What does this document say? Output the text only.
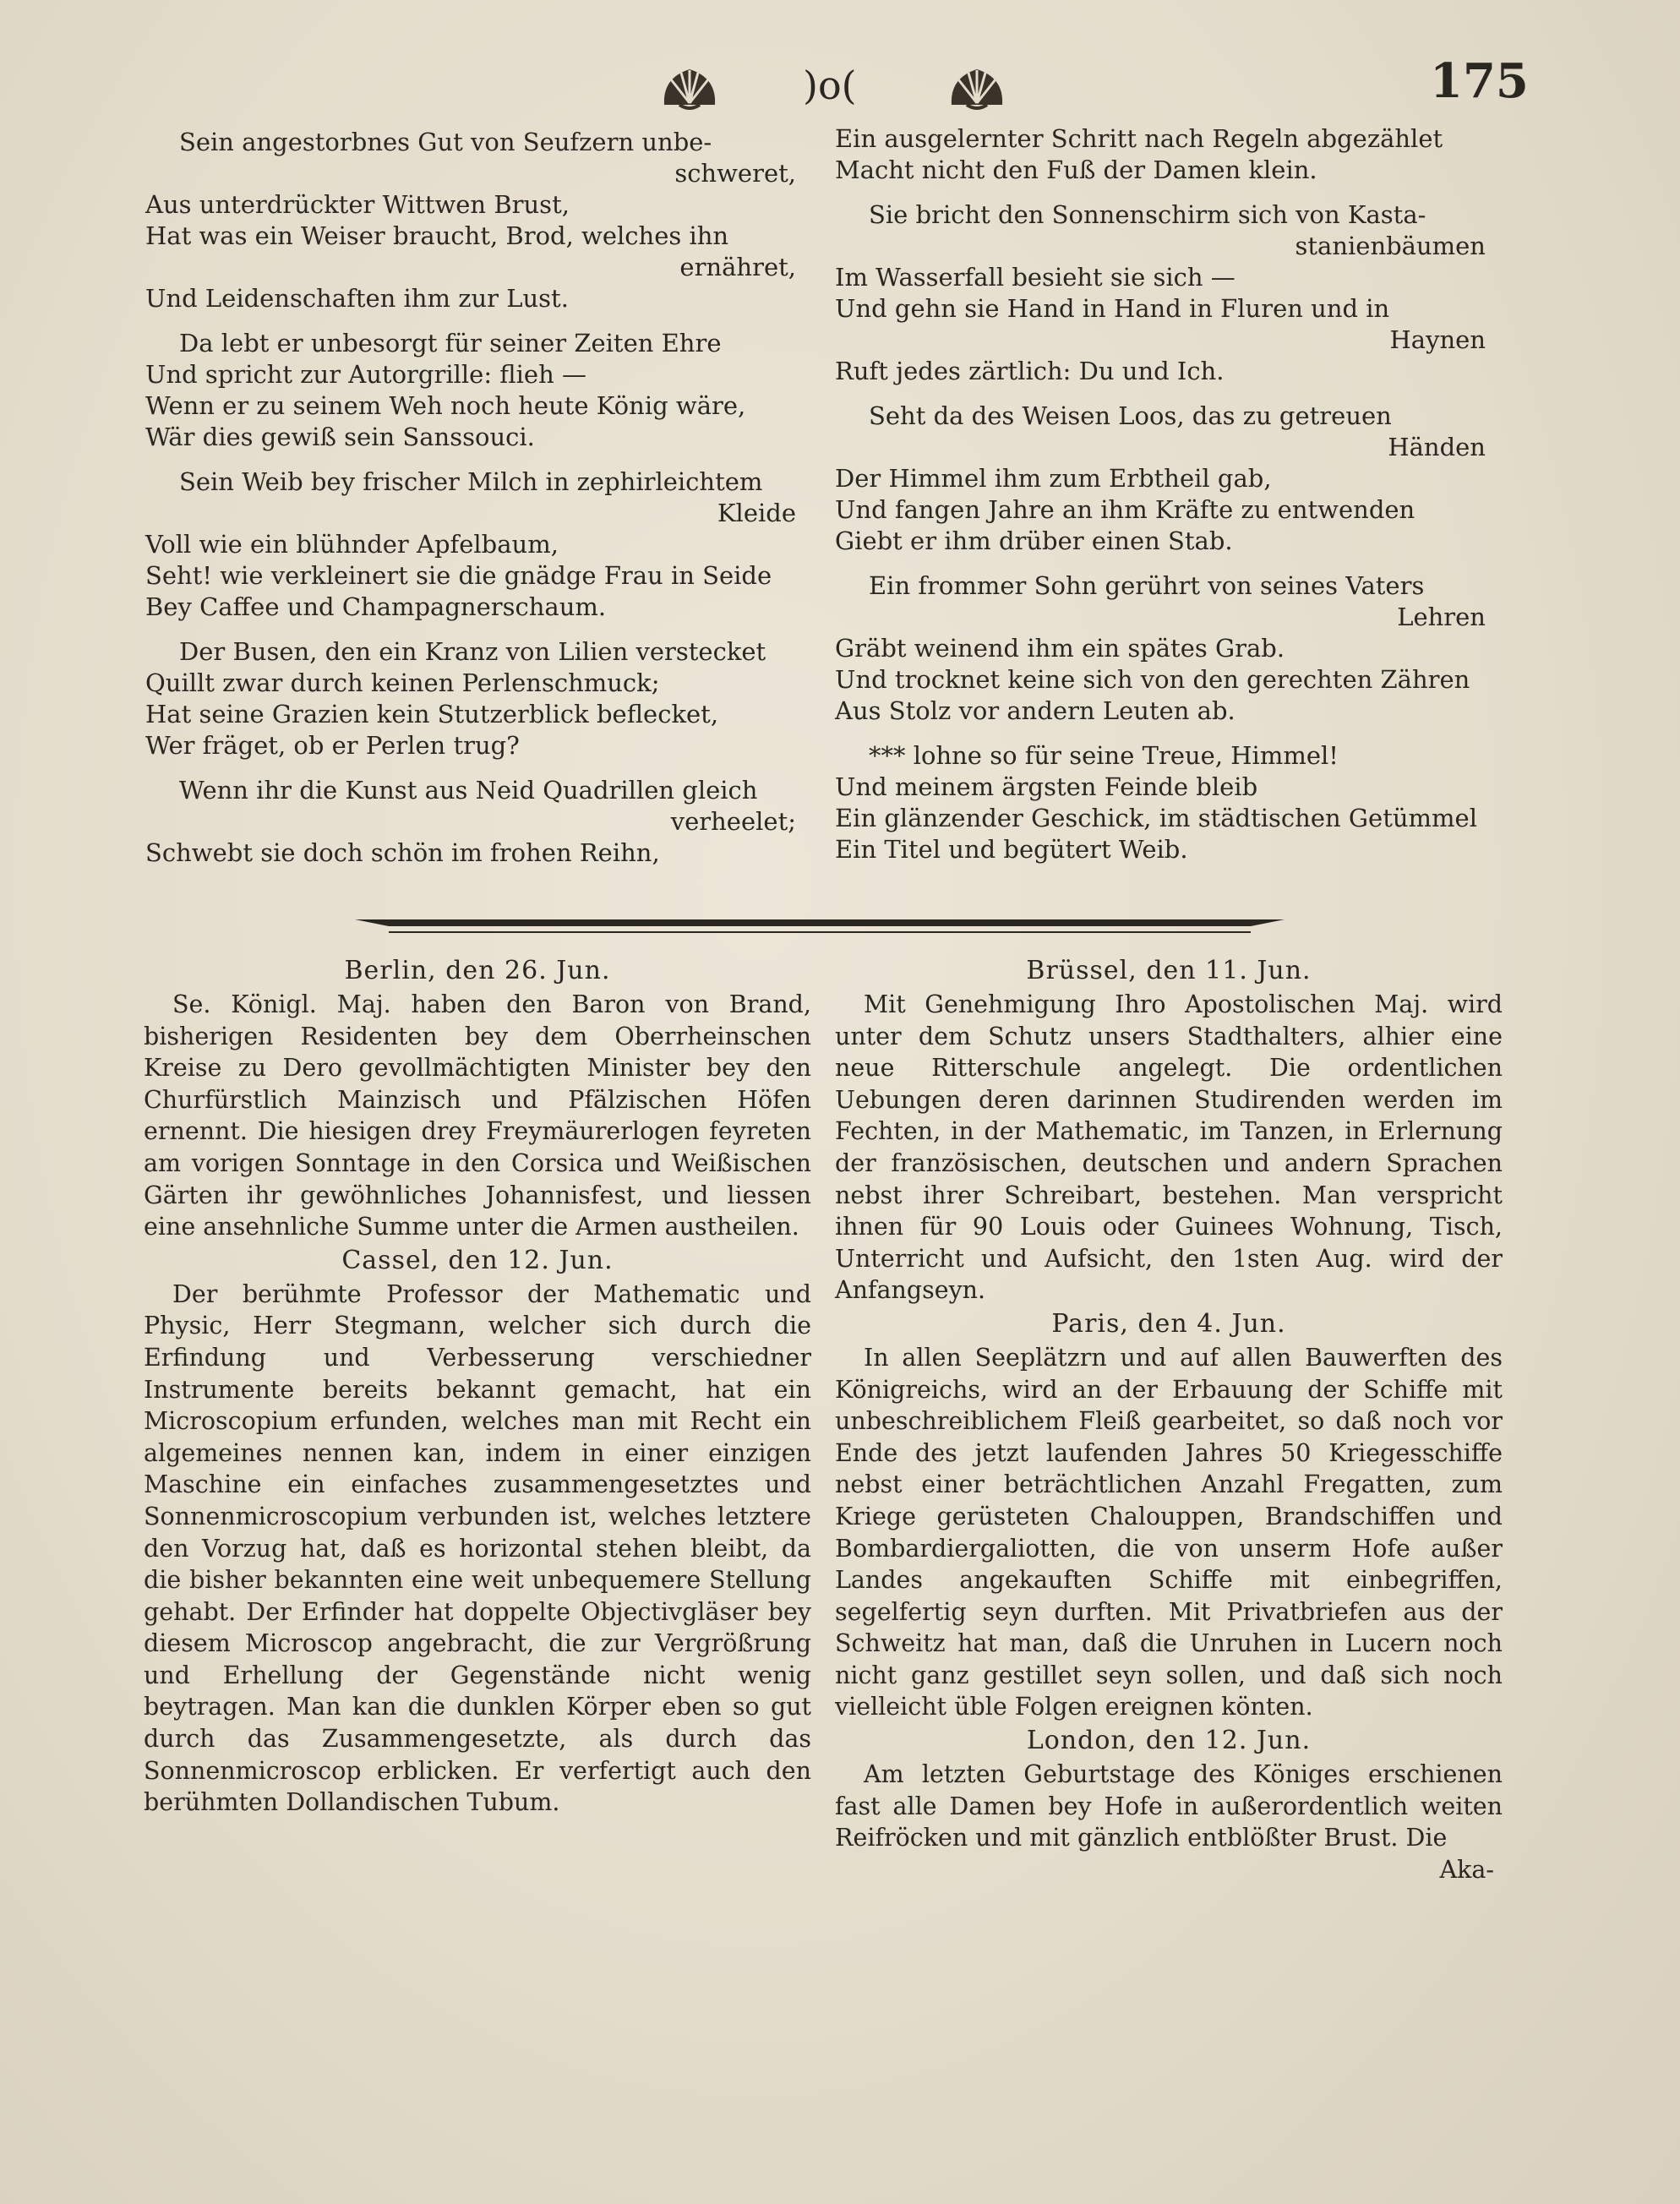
)o(	175
Sein angestorbnes Gut von Seufzern unbe-
schweret,
Aus unterdrückter Wittwen Brust,
Hat was ein Weiser braucht, Brod, welches ihn
ernähret,
Und Leidenschaften ihm zur Lust.
Da lebt er unbesorgt für seiner Zeiten Ehre
Und spricht zur Autorgrille: flieh —
Wenn er zu seinem Weh noch heute König wäre,
Wär dies gewiß sein Sanssouci.
Sein Weib bey frischer Milch in zephirleichtem
Kleide
Voll wie ein blühnder Apfelbaum,
Seht! wie verkleinert sie die gnädge Frau in Seide
Bey Caffee und Champagnerschaum.
Der Busen, den ein Kranz von Lilien verstecket
Quillt zwar durch keinen Perlenschmuck;
Hat seine Grazien kein Stutzerblick beflecket,
Wer fräget, ob er Perlen trug?
Wenn ihr die Kunst aus Neid Quadrillen gleich
verheelet;
Schwebt sie doch schön im frohen Reihn,
Ein ausgelernter Schritt nach Regeln abgezählet
Macht nicht den Fuß der Damen klein.
Sie bricht den Sonnenschirm sich von Kasta-
stanienbäumen
Im Wasserfall besieht sie sich —
Und gehn sie Hand in Hand in Fluren und in
Haynen
Ruft jedes zärtlich: Du und Ich.
Seht da des Weisen Loos, das zu getreuen
Händen
Der Himmel ihm zum Erbtheil gab,
Und fangen Jahre an ihm Kräfte zu entwenden
Giebt er ihm drüber einen Stab.
Ein frommer Sohn gerührt von seines Vaters
Lehren
Gräbt weinend ihm ein spätes Grab.
Und trocknet keine sich von den gerechten Zähren
Aus Stolz vor andern Leuten ab.
*** lohne so für seine Treue, Himmel!
Und meinem ärgsten Feinde bleib
Ein glänzender Geschick, im städtischen Getümmel
Ein Titel und begütert Weib.
Berlin, den 26. Jun.

Se. Königl. Maj. haben den Baron von Brand, bisherigen Residenten bey dem Oberrheinschen Kreise zu Dero gevollmächtigten Minister bey den Churfürstlich Mainzisch und Pfälzischen Höfen ernennt. Die hiesigen drey Freymäurerlogen feyreten am vorigen Sonntage in den Corsica und Weißischen Gärten ihr gewöhnliches Johannisfest, und liessen eine ansehnliche Summe unter die Armen austheilen.

Cassel, den 12. Jun.

Der berühmte Professor der Mathematic und Physic, Herr Stegmann, welcher sich durch die Erfindung und Verbesserung verschiedner Instrumente bereits bekannt gemacht, hat ein Microscopium erfunden, welches man mit Recht ein algemeines nennen kan, indem in einer einzigen Maschine ein einfaches zusammengesetztes und Sonnenmicroscopium verbunden ist, welches letztere den Vorzug hat, daß es horizontal stehen bleibt, da die bisher bekannten eine weit unbequemere Stellung gehabt. Der Erfinder hat doppelte Objectivgläser bey diesem Microscop angebracht, die zur Vergrößrung und Erhellung der Gegenstände nicht wenig beytragen. Man kan die dunklen Körper eben so gut durch das Zusammengesetzte, als durch das Sonnenmicroscop erblicken. Er verfertigt auch den berühmten Dollandischen Tubum.

Brüssel, den 11. Jun.

Mit Genehmigung Ihro Apostolischen Maj. wird unter dem Schutz unsers Stadthalters, alhier eine neue Ritterschule angelegt. Die ordentlichen Uebungen deren darinnen Studirenden werden im Fechten, in der Mathematic, im Tanzen, in Erlernung der französischen, deutschen und andern Sprachen nebst ihrer Schreibart, bestehen. Man verspricht ihnen für 90 Louis oder Guinees Wohnung, Tisch, Unterricht und Aufsicht, den 1sten Aug. wird der Anfangseyn.

Paris, den 4. Jun.

In allen Seeplätzrn und auf allen Bauwerften des Königreichs, wird an der Erbauung der Schiffe mit unbeschreiblichem Fleiß gearbeitet, so daß noch vor Ende des jetzt laufenden Jahres 50 Kriegesschiffe nebst einer beträchtlichen Anzahl Fregatten, zum Kriege gerüsteten Chalouppen, Brandschiffen und Bombardiergaliotten, die von unserm Hofe außer Landes angekauften Schiffe mit einbegriffen, segelfertig seyn durften. Mit Privatbriefen aus der Schweitz hat man, daß die Unruhen in Lucern noch nicht ganz gestillet seyn sollen, und daß sich noch vielleicht üble Folgen ereignen könten.

London, den 12. Jun.

Am letzten Geburtstage des Königes erschienen fast alle Damen bey Hofe in außerordentlich weiten Reifröcken und mit gänzlich entblößter Brust. Die

Aka-
